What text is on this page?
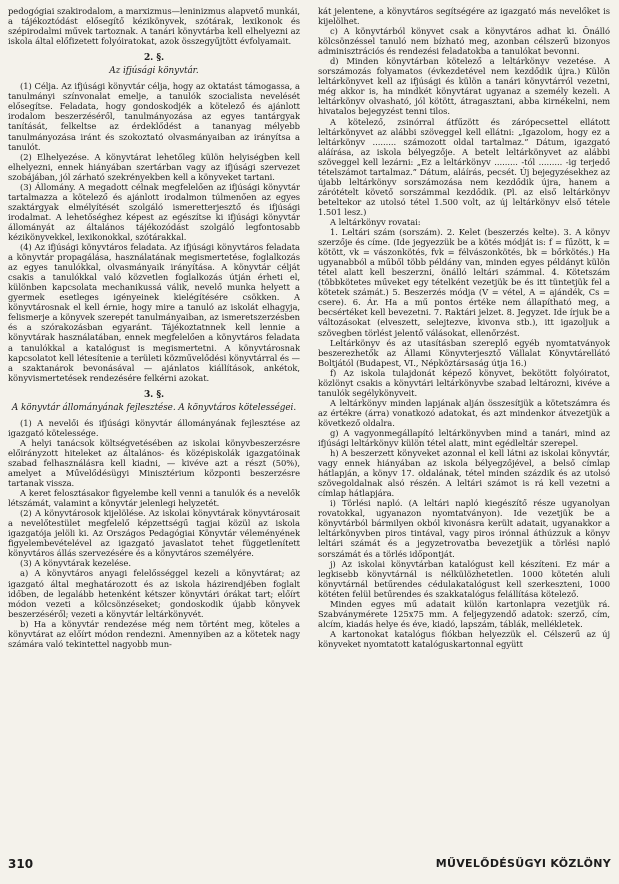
pedogógiai szakirodalom, a marxizmus—leninizmus alapvető munkái, a tájékoztódást elősegítő kézikönyvek, szótárak, lexikonok és szépirodalmi művek tartoznak. A tanári könyvtárba kell elhelyezni az iskola által előfizetett folyóiratokat, azok összegyűjtött évfolyamait.

2. §.
Az ifjúsági könyvtár.

(1) Célja. Az ifjúsági könyvtár célja, hogy az oktatást támogassa, a tanulmányi színvonalat emelje, a tanulók szocialista nevelését elősegítse. Feladata, hogy gondoskodjék a kötelező és ajánlott irodalom beszerzéséről, tanulmányozása az egyes tantárgyak tanítását, felkeltse az érdeklődést a tananyag mélyebb tanulmányozása iránt és szokoztató olvasmányaiban az irányítsa a tanulót.

(2) Elhelyezése. A könyvtárat lehetőleg külön helyiségben kell elhelyezni, ennek hiányában szertárban vagy az ifjúsági szervezet szobájában, jól zárható szekrényekben kell a könyveket tartani.

(3) Állomány. A megadott célnak megfelelően az ifjúsági könyvtár tartalmazza a kötelező és ajánlott irodalmon túlmenően az egyes szaktárgyak elmélyítését szolgáló ismeretterjesztő és ifjúsági irodalmat. A lehetőséghez képest az egészítse ki ifjúsági könyvtár állományát az általános tájékozódást szolgáló legfontosabb kézikönyvekkel, lexikonokkal, szótárakkal.

(4) Az ifjúsági könyvtáros feladata. Az ifjúsági könyvtáros feladata a könyvtár propagálása, használatának megismertetése, foglalkozás az egyes tanulókkal, olvasmányaik irányítása. A könyvtár célját csakis a tanulókkal való közvetlen foglalkozás útján érheti el, különben kapcsolata mechanikussá válik, nevelő munka helyett a gyermek esetleges igényeinek kielégítésére csökken. A könyvtárosnak el kell érnie, hogy mire a tanuló az iskolát elhagyja, felismerje a könyvek szerepét tanulmányaiban, az ismeretszerzésben és a szórakozásban egyaránt. Tájékoztatnnek kell lennie a könyvtárak használatában, ennek megfelelően a könyvtáros feladata a tanulókkal a katalógust is megismertetni. A könyvtárosnak kapcsolatot kell létesítenie a területi közművelődési könyvtárral és — a szaktanárok bevonásával — ajánlatos kiállítások, ankétok, könyvismertetések rendezésére felkérni azokat.

3. §.
A könyvtár állományának fejlesztése. A könyvtáros kötelességei.

(1) A nevelői és ifjúsági könyvtár állományának fejlesztése az igazgató kötelessége.

A helyi tanácsok költségvetésében az iskolai könyvbeszerzésre előirányzott hiteleket az általános- és középiskolák igazgatóinak szabad felhasználásra kell kiadni, — kivéve azt a részt (50%), amelyet a Művelődésügyi Minisztérium központi beszerzésre tartanak vissza.

A keret felosztásakor figyelembe kell venni a tanulók és a nevelők létszámát, valamint a könyvtár jelenlegi helyzetét.

(2) A könyvtárosok kijelölése. Az iskolai könyvtárak könyvtárosait a nevelőtestület megfelelő képzettségű tagjai közül az iskola igazgatója jelöli ki. Az Országos Pedagógiai Könyvtár véleményének figyelembevételével az igazgató javaslatot tehet függetlenített könyvtáros állás szervezésére és a könyvtáros személyére.

(3) A könyvtárak kezelése.

a) A könyvtáros anyagi felelősséggel kezeli a könyvtárat; az igazgató által meghatározott és az iskola házirendjében foglalt időben, de legalább hetenként kétszer könyvtári órákat tart; előírt módon vezeti a kölcsönzéseket; gondoskodik újabb könyvek beszerzéséről; vezeti a könyvtár leltárkönyvét.

b) Ha a könyvtár rendezése még nem történt meg, köteles a könyvtárat az előírt módon rendezni. Amennyiben az a kötetek nagy számára való tekintettel nagyobb mun-

kát jelentene, a könyvtáros segítségére az igazgató más nevelőket is kijelölhet.

c) A könyvtárból könyvet csak a könyvtáros adhat ki. Önálló kölcsönzéssel tanuló nem bízható meg, azonban célszerű bizonyos adminisztrációs és rendezési feladatokba a tanulókat bevonni.

d) Minden könyvtárban kötelező a leltárkönyv vezetése. A sorszámozás folyamatos (évkezdetével nem kezdődik újra.) Külön leltárkönyvet kell az ifjúsági és külön a tanári könyvtárról vezetni, még akkor is, ha mindkét könyvtárat ugyanaz a személy kezeli. A leltárkönyv olvasható, jól kötött, átragasztani, abba kirnékelni, nem hivatalos bejegyzést tenni tilos.

A kötelező, zsinórral átfűzött és zárópecsettel ellátott leltárkönyvet az alábbi szöveggel kell ellátni: „Igazolom, hogy ez a leltárkönyv ......... számozott oldal tartalmaz.” Dátum, igazgató aláírása, az iskola bélyegzője. A betelt leltárkönyvet az alábbi szöveggel kell lezárni: „Ez a leltárkönyv ......... -tól ......... -ig terjedő tételszámot tartalmaz.” Dátum, aláírás, pecsét. Új bejegyzésekhez az újabb leltárkönyv sorszámozása nem kezdődik újra, hanem a zárótételt követő sorszámmal kezdődik. (Pl. az első leltárkönyv beteltekor az utolsó tétel 1.500 volt, az új leltárkönyv első tétele 1.501 lesz.)

A leltárkönyv rovatai:

1. Leltári szám (sorszám). 2. Kelet (beszerzés kelte). 3. A könyv szerzője és címe. (Ide jegyezzük be a kötés módját is: f = fűzött, k = kötött, vk = vászonkötés, fvk = félvászonkötés, bk = bőrkötés.) Ha ugyanabból a műből több példány van, minden egyes példányt külön tétel alatt kell beszerzni, önálló leltári számmal. 4. Kötetszám (többkötetes műveket egy tételként vezetjük be és itt tüntetjük fel a kötetek számát.) 5. Beszerzés módja (V = vétel, A = ajándék, Cs = csere). 6. Ár. Ha a mű pontos értéke nem állapítható meg, a becsértéket kell bevezetni. 7. Raktári jelzet. 8. Jegyzet. Ide írjuk be a változásokat (elveszett, selejtezve, kivonva stb.), itt igazoljuk a szövegben törlést jelentő válásokat, ellenőrzést.

Leltárkönyv és az utasításban szereplő egyéb nyomtatványok beszerezhetők az Állami Könyvterjesztő Vállalat Könyvtárellátó Boltjától (Budapest, VI., Népköztársaság útja 16.)

f) Az iskola tulajdonát képező könyvet, bekötött folyóiratot, közlönyt csakis a könyvtári leltárkönyvbe szabad leltározni, kivéve a tanulók segélykönyveit.

A leltárkönyv minden lapjának alján összesítjük a kötetszámra és az értékre (árra) vonatkozó adatokat, és azt mindenkor átvezetjük a következő oldalra.

g) A vagyonmegállapító leltárkönyvben mind a tanári, mind az ifjúsági leltárkönyv külön tétel alatt, mint egédleltár szerepel.

h) A beszerzett könyveket azonnal el kell látni az iskolai könyvtár, vagy ennek hiányában az iskola bélyegzőjével, a belső címlap hátlapján, a könyv 17. oldalának, tétel minden százdik és az utolsó szövegoldalnak alsó részén. A leltári számot is rá kell vezetni a címlap hátlapjára.

i) Törlési napló. (A leltári napló kiegészítő része ugyanolyan rovatokkal, ugyanazon nyomtatványon). Ide vezetjük be a könyvtárból bármilyen okból kivonásra került adatait, ugyanakkor a leltárkönyvben piros tintával, vagy piros irónnal áthúzzuk a könyv leltári számát és a jegyzetrovatba bevezetjük a törlési napló sorszámát és a törlés időpontját.

j) Az iskolai könyvtárban katalógust kell készíteni. Ez már a legkisebb könyvtárnál is nélkülözhetetlen. 1000 kötetén aluli könyvtárnál betűrendes cédulakatalógust kell szerkeszteni, 1000 kötéten felül betűrendes és szakkatalógus felállítása kötelező.

Minden egyes mű adatait külön kartonlapra vezetjük rá. Szabványmérete 125x75 mm. A feljegyzendő adatok: szerző, cím, alcím, kiadás helye és éve, kiadó, lapszám, táblák, mellékletek.

A kartonokat katalógus fiókban helyezzük el. Célszerű az új könyveket nyomtatott katalóguskartonnal együtt

310	MŰVELŐDÉSÜGYI KÖZLÖNY
